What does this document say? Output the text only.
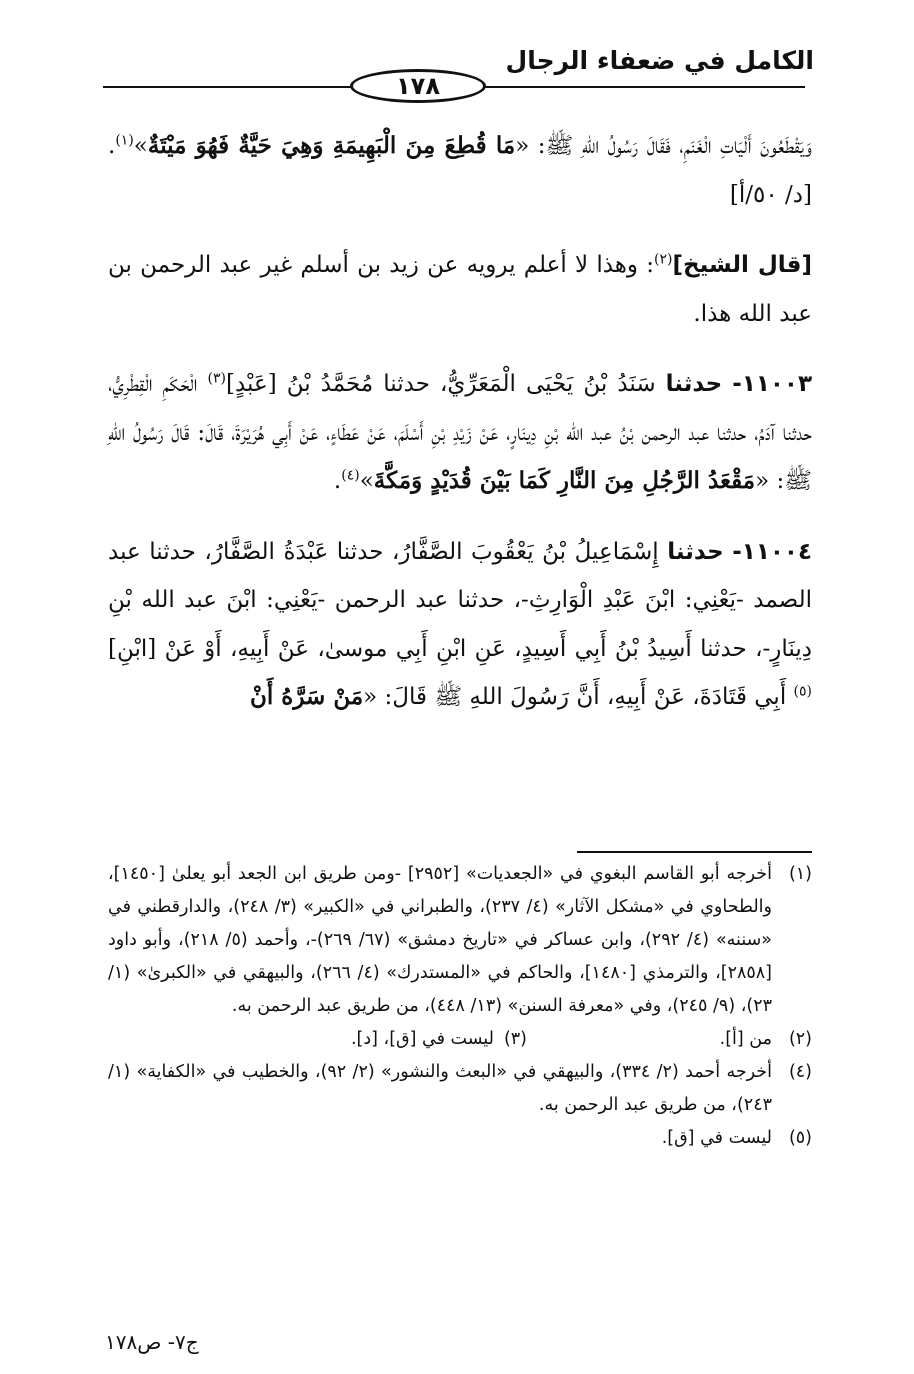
الكامل في ضعفاء الرجال
١٧٨

وَيَقْطَعُونَ أَلْيَاتِ الْغَنَمِ، فَقَالَ رَسُولُ اللهِ ﷺ: «مَا قُطِعَ مِنَ الْبَهِيمَةِ وَهِيَ حَيَّةٌ فَهُوَ مَيْتَةٌ»$^{(١)}$. [د/ ٥٠/أ]

[قال الشيخ]$^{(٢)}$: وهذا لا أعلم يرويه عن زيد بن أسلم غير عبد الرحمن بن عبد الله هذا.

١١٠٠٣- حدثنا سَنَدُ بْنُ يَحْيَى الْمَعَرِّيُّ، حدثنا مُحَمَّدُ بْنُ [عَبْدٍ]$^{(٣)}$ الْحَكَمِ الْقِطْرِيُّ، حدثنا آدَمُ، حدثنا عبد الرحمن بْنُ عبد الله بْنِ دِينَارٍ، عَنْ زَيْدِ بْنِ أَسْلَمَ، عَنْ عَطَاءٍ، عَنْ أَبِي هُرَيْرَةَ، قَالَ: قَالَ رَسُولُ اللهِ ﷺ: «مَقْعَدُ الرَّجُلِ مِنَ النَّارِ كَمَا بَيْنَ قُدَيْدٍ وَمَكَّةَ»$^{(٤)}$.

١١٠٠٤- حدثنا إِسْمَاعِيلُ بْنُ يَعْقُوبَ الصَّفَّارُ، حدثنا عَبْدَةُ الصَّفَّارُ، حدثنا عبد الصمد -يَعْنِي: ابْنَ عَبْدِ الْوَارِثِ-، حدثنا عبد الرحمن -يَعْنِي: ابْنَ عبد الله بْنِ دِينَارٍ-، حدثنا أَسِيدُ بْنُ أَبِي أَسِيدٍ، عَنِ ابْنِ أَبِي موسىٰ، عَنْ أَبِيهِ، أَوْ عَنْ [ابْنِ]$^{(٥)}$ أَبِي قَتَادَةَ، عَنْ أَبِيهِ، أَنَّ رَسُولَ اللهِ ﷺ قَالَ: «مَنْ سَرَّهُ أَنْ

(١)
أخرجه أبو القاسم البغوي في «الجعديات» [٢٩٥٢] -ومن طريق ابن الجعد أبو يعلىٰ [١٤٥٠]، والطحاوي في «مشكل الآثار» (٤/ ٢٣٧)، والطبراني في «الكبير» (٣/ ٢٤٨)، والدارقطني في «سننه» (٤/ ٢٩٢)، وابن عساكر في «تاريخ دمشق» (٦٧/ ٢٦٩)-، وأحمد (٥/ ٢١٨)، وأبو داود [٢٨٥٨]، والترمذي [١٤٨٠]، والحاكم في «المستدرك» (٤/ ٢٦٦)، والبيهقي في «الكبرىٰ» (١/ ٢٣)، (٩/ ٢٤٥)، وفي «معرفة السنن» (١٣/ ٤٤٨)، من طريق عبد الرحمن به.
(٢)
من [أ].
(٣)
ليست في [ق]، [د].
(٤)
أخرجه أحمد (٢/ ٣٣٤)، والبيهقي في «البعث والنشور» (٢/ ٩٢)، والخطيب في «الكفاية» (١/ ٢٤٣)، من طريق عبد الرحمن به.
(٥)
ليست في [ق].
ج٧- ص١٧٨
